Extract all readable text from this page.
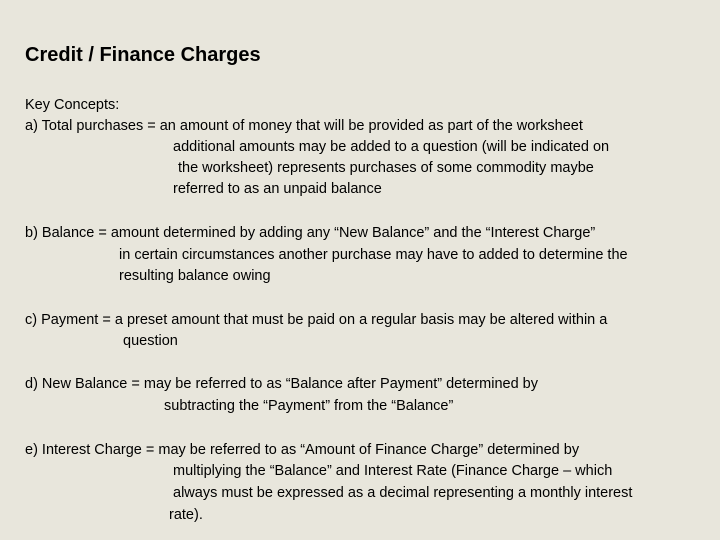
Credit / Finance Charges
Key Concepts:
a) Total purchases = an amount of money that will be provided as part of the worksheet
additional amounts may be added to a question (will be indicated on
the worksheet) represents purchases of some commodity maybe
referred to as an unpaid balance
b) Balance = amount determined by adding any “New Balance” and the “Interest Charge”
in certain circumstances another purchase may have to added to determine the
resulting balance owing
c) Payment = a preset amount that must be paid on a regular basis may be altered within a
question
d) New Balance = may be referred to as “Balance after Payment” determined by
subtracting the “Payment” from the “Balance”
e) Interest Charge = may be referred to as “Amount of Finance Charge” determined by
multiplying the “Balance” and Interest Rate (Finance Charge – which
always must be expressed as a decimal representing a monthly interest
rate).
